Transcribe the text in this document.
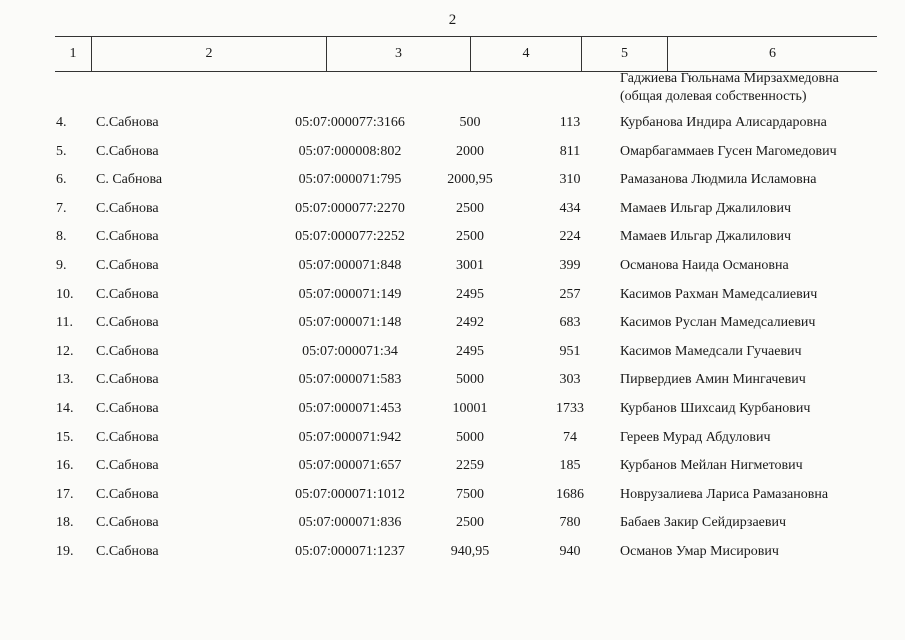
2
1	2	3	4	5	6
Гаджиева Гюльнама Мирзахмедовна
(общая долевая собственность)
4.	С.Сабнова	05:07:000077:3166	500	113	Курбанова Индира Алисардаровна
5.	С.Сабнова	05:07:000008:802	2000	811	Омарбагаммаев Гусен Магомедович
6.	С. Сабнова	05:07:000071:795	2000,95	310	Рамазанова Людмила Исламовна
7.	С.Сабнова	05:07:000077:2270	2500	434	Мамаев Ильгар Джалилович
8.	С.Сабнова	05:07:000077:2252	2500	224	Мамаев Ильгар Джалилович
9.	С.Сабнова	05:07:000071:848	3001	399	Османова Наида Османовна
10.	С.Сабнова	05:07:000071:149	2495	257	Касимов Рахман Мамедсалиевич
11.	С.Сабнова	05:07:000071:148	2492	683	Касимов Руслан Мамедсалиевич
12.	С.Сабнова	05:07:000071:34	2495	951	Касимов Мамедсали Гучаевич
13.	С.Сабнова	05:07:000071:583	5000	303	Пирвердиев Амин Мингачевич
14.	С.Сабнова	05:07:000071:453	10001	1733	Курбанов Шихсаид Курбанович
15.	С.Сабнова	05:07:000071:942	5000	74	Гереев Мурад Абдулович
16.	С.Сабнова	05:07:000071:657	2259	185	Курбанов Мейлан Нигметович
17.	С.Сабнова	05:07:000071:1012	7500	1686	Новрузалиева Лариса Рамазановна
18.	С.Сабнова	05:07:000071:836	2500	780	Бабаев Закир Сейдирзаевич
19.	С.Сабнова	05:07:000071:1237	940,95	940	Османов Умар Мисирович
